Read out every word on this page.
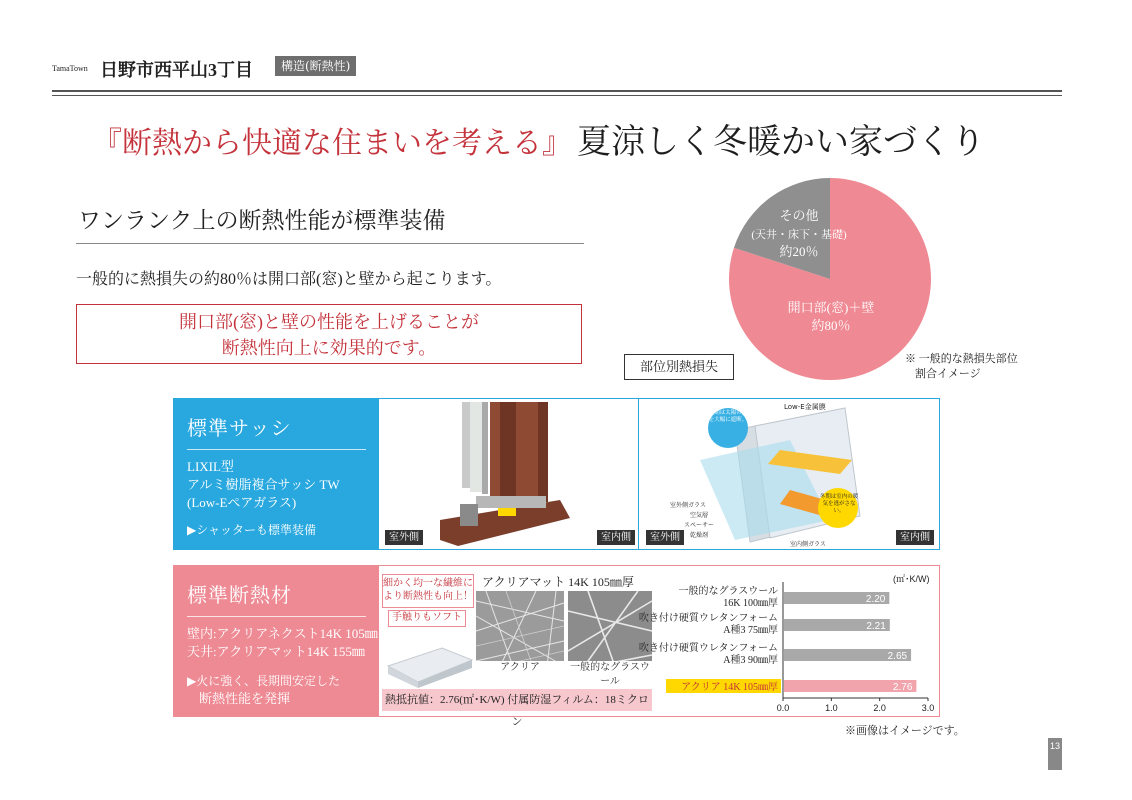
TamaTown 日野市西平山3丁目	構造(断熱性)
『断熱から快適な住まいを考える』 夏涼しく冬暖かい家づくり
ワンランク上の断熱性能が標準装備
一般的に熱損失の約80％は開口部(窓)と壁から起こります。
開口部(窓)と壁の性能を上げることが
断熱性向上に効果的です。
その他
(天井・床下・基礎)
約20％
開口部(窓)＋壁
約80％
部位別熱損失	※ 一般的な熱損失部位
割合イメージ
標準サッシ
LIXIL型
アルミ樹脂複合サッシ TW
(Low-Eペアガラス)
▶シャッターも標準装備
室外側	室内側
Low-E金属膜
室外側ガラス
空気層
スペーサー
乾燥剤
室内側ガラス
夏期は太陽の熱を大幅に遮断。
冬期は室内の暖気を逃がさない。
室外側	室内側
標準断熱材
壁内:アクリアネクスト14K 105㎜
天井:アクリアマット14K 155㎜
▶火に強く、長期間安定した
断熱性能を発揮
細かく均一な繊維に
より断熱性も向上！
手触りもソフト
アクリアマット 14K 105㎜厚
アクリア	一般的なグラスウール
熱抵抗値：2.76(㎡･K/W) 付属防湿フィルム：18ミクロン
(㎡･K/W)
0.0	1.0	2.0	3.0
2.20
一般的なグラスウール
16K 100㎜厚
2.21
吹き付け硬質ウレタンフォーム
A種3 75㎜厚
2.65
吹き付け硬質ウレタンフォーム
A種3 90㎜厚
2.76
アクリア 14K 105㎜厚
※画像はイメージです。
13
